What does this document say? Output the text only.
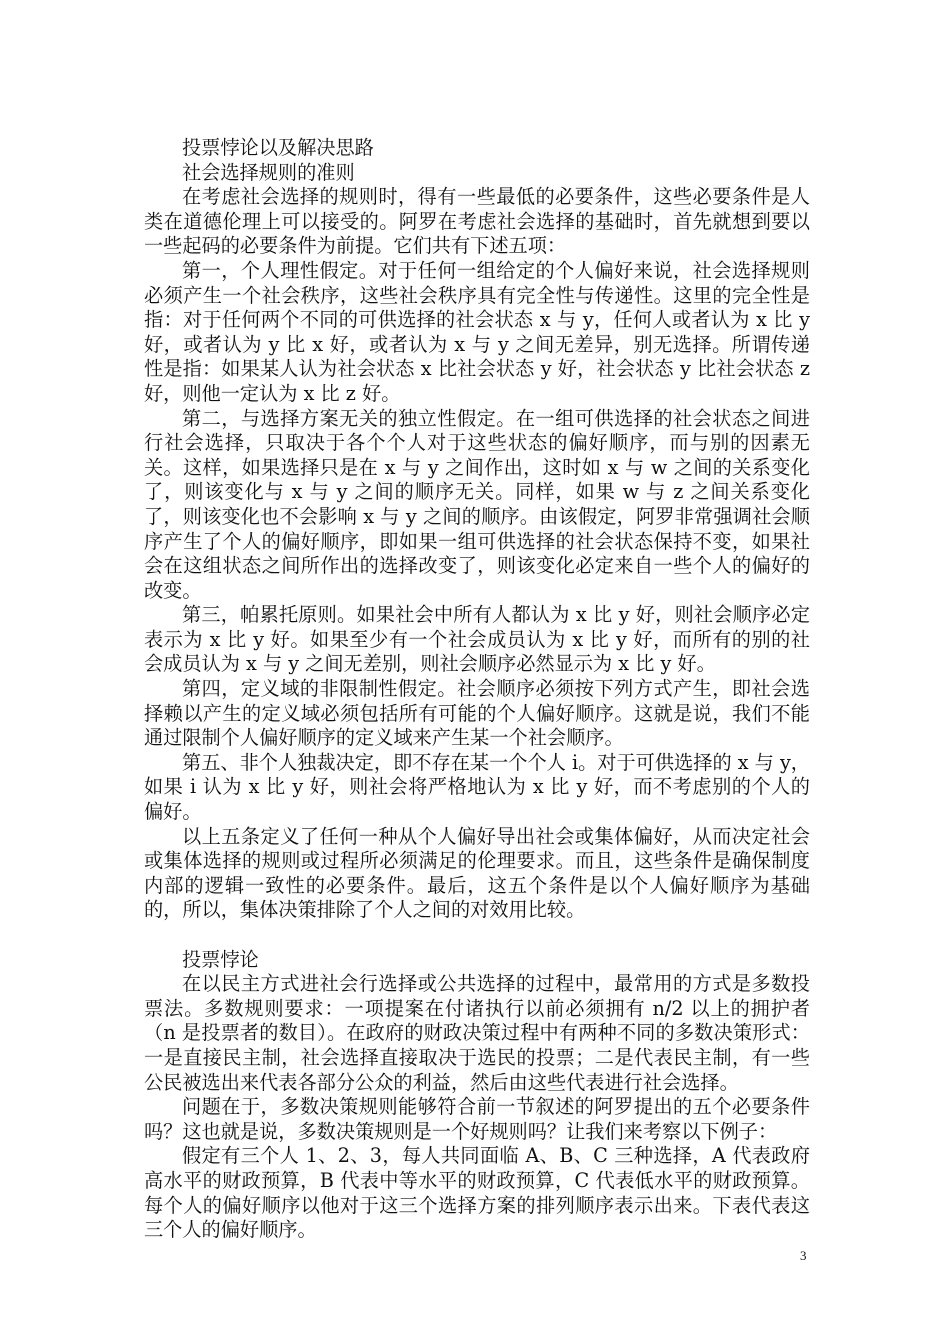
投票悖论以及解决思路
社会选择规则的准则

在考虑社会选择的规则时，得有一些最低的必要条件，这些必要条件是人类在道德伦理上可以接受的。阿罗在考虑社会选择的基础时，首先就想到要以一些起码的必要条件为前提。它们共有下述五项：

第一，个人理性假定。对于任何一组给定的个人偏好来说，社会选择规则必须产生一个社会秩序，这些社会秩序具有完全性与传递性。这里的完全性是指：对于任何两个不同的可供选择的社会状态 x 与 y，任何人或者认为 x 比 y 好，或者认为 y 比 x 好，或者认为 x 与 y 之间无差异，别无选择。所谓传递性是指：如果某人认为社会状态 x 比社会状态 y 好，社会状态 y 比社会状态 z 好，则他一定认为 x 比 z 好。

第二，与选择方案无关的独立性假定。在一组可供选择的社会状态之间进行社会选择，只取决于各个个人对于这些状态的偏好顺序，而与别的因素无关。这样，如果选择只是在 x 与 y 之间作出，这时如 x 与 w 之间的关系变化了，则该变化与 x 与 y 之间的顺序无关。同样，如果 w 与 z 之间关系变化了，则该变化也不会影响 x 与 y 之间的顺序。由该假定，阿罗非常强调社会顺序产生了个人的偏好顺序，即如果一组可供选择的社会状态保持不变，如果社会在这组状态之间所作出的选择改变了，则该变化必定来自一些个人的偏好的改变。

第三，帕累托原则。如果社会中所有人都认为 x 比 y 好，则社会顺序必定表示为 x 比 y 好。如果至少有一个社会成员认为 x 比 y 好，而所有的别的社会成员认为 x 与 y 之间无差别，则社会顺序必然显示为 x 比 y 好。

第四，定义域的非限制性假定。社会顺序必须按下列方式产生，即社会选择赖以产生的定义域必须包括所有可能的个人偏好顺序。这就是说，我们不能通过限制个人偏好顺序的定义域来产生某一个社会顺序。

第五、非个人独裁决定，即不存在某一个个人 i。对于可供选择的 x 与 y，如果 i 认为 x 比 y 好，则社会将严格地认为 x 比 y 好，而不考虑别的个人的偏好。

以上五条定义了任何一种从个人偏好导出社会或集体偏好，从而决定社会或集体选择的规则或过程所必须满足的伦理要求。而且，这些条件是确保制度内部的逻辑一致性的必要条件。最后，这五个条件是以个人偏好顺序为基础的，所以，集体决策排除了个人之间的对效用比较。

投票悖论

在以民主方式进社会行选择或公共选择的过程中，最常用的方式是多数投票法。多数规则要求：一项提案在付诸执行以前必须拥有 n/2 以上的拥护者（n 是投票者的数目）。在政府的财政决策过程中有两种不同的多数决策形式：一是直接民主制，社会选择直接取决于选民的投票；二是代表民主制，有一些公民被选出来代表各部分公众的利益，然后由这些代表进行社会选择。

问题在于，多数决策规则能够符合前一节叙述的阿罗提出的五个必要条件吗？这也就是说，多数决策规则是一个好规则吗？让我们来考察以下例子：

假定有三个人 1、2、3，每人共同面临 A、B、C 三种选择，A 代表政府高水平的财政预算，B 代表中等水平的财政预算，C 代表低水平的财政预算。每个人的偏好顺序以他对于这三个选择方案的排列顺序表示出来。下表代表这三个人的偏好顺序。

3
